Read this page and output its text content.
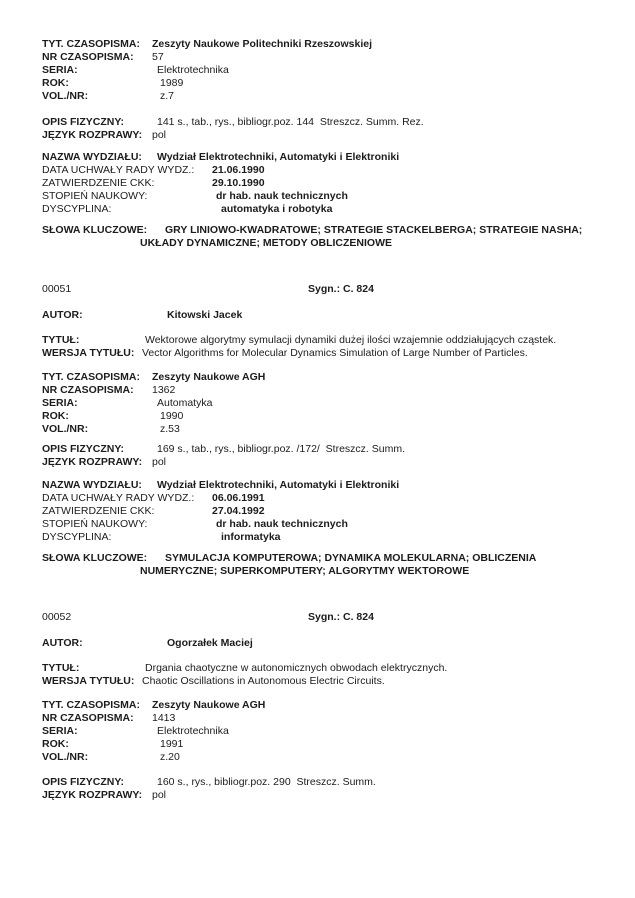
TYT. CZASOPISMA:	Zeszyty Naukowe Politechniki Rzeszowskiej
NR CZASOPISMA:	57
SERIA:	Elektrotechnika
ROK:	1989
VOL./NR:	z.7
OPIS FIZYCZNY:	141 s., tab., rys., bibliogr.poz. 144  Streszcz. Summ. Rez.
JĘZYK ROZPRAWY: pol
NAZWA WYDZIAŁU:	Wydział Elektrotechniki, Automatyki i Elektroniki
DATA UCHWAŁY RADY WYDZ.:	21.06.1990
ZATWIERDZENIE CKK:	29.10.1990
STOPIEŃ NAUKOWY:	dr hab. nauk technicznych
DYSCYPLINA:	automatyka i robotyka
SŁOWA KLUCZOWE:	GRY LINIOWO-KWADRATOWE; STRATEGIE STACKELBERGA; STRATEGIE NASHA;
UKŁADY DYNAMICZNE; METODY OBLICZENIOWE
00051	Sygn.: C. 824
AUTOR:	Kitowski Jacek
TYTUŁ:	Wektorowe algorytmy symulacji dynamiki dużej ilości wzajemnie oddziałujących cząstek.
WERSJA TYTUŁU: Vector Algorithms for Molecular Dynamics Simulation of Large Number of Particles.
TYT. CZASOPISMA:	Zeszyty Naukowe AGH
NR CZASOPISMA:	1362
SERIA:	Automatyka
ROK:	1990
VOL./NR:	z.53
OPIS FIZYCZNY:	169 s., tab., rys., bibliogr.poz. /172/  Streszcz. Summ.
JĘZYK ROZPRAWY: pol
NAZWA WYDZIAŁU:	Wydział Elektrotechniki, Automatyki i Elektroniki
DATA UCHWAŁY RADY WYDZ.:	06.06.1991
ZATWIERDZENIE CKK:	27.04.1992
STOPIEŃ NAUKOWY:	dr hab. nauk technicznych
DYSCYPLINA:	informatyka
SŁOWA KLUCZOWE:	SYMULACJA KOMPUTEROWA; DYNAMIKA MOLEKULARNA; OBLICZENIA
NUMERYCZNE; SUPERKOMPUTERY; ALGORYTMY WEKTOROWE
00052	Sygn.: C. 824
AUTOR:	Ogorzałek Maciej
TYTUŁ:	Drgania chaotyczne w autonomicznych obwodach elektrycznych.
WERSJA TYTUŁU: Chaotic Oscillations in Autonomous Electric Circuits.
TYT. CZASOPISMA:	Zeszyty Naukowe AGH
NR CZASOPISMA:	1413
SERIA:	Elektrotechnika
ROK:	1991
VOL./NR:	z.20
OPIS FIZYCZNY:	160 s., rys., bibliogr.poz. 290  Streszcz. Summ.
JĘZYK ROZPRAWY: pol
